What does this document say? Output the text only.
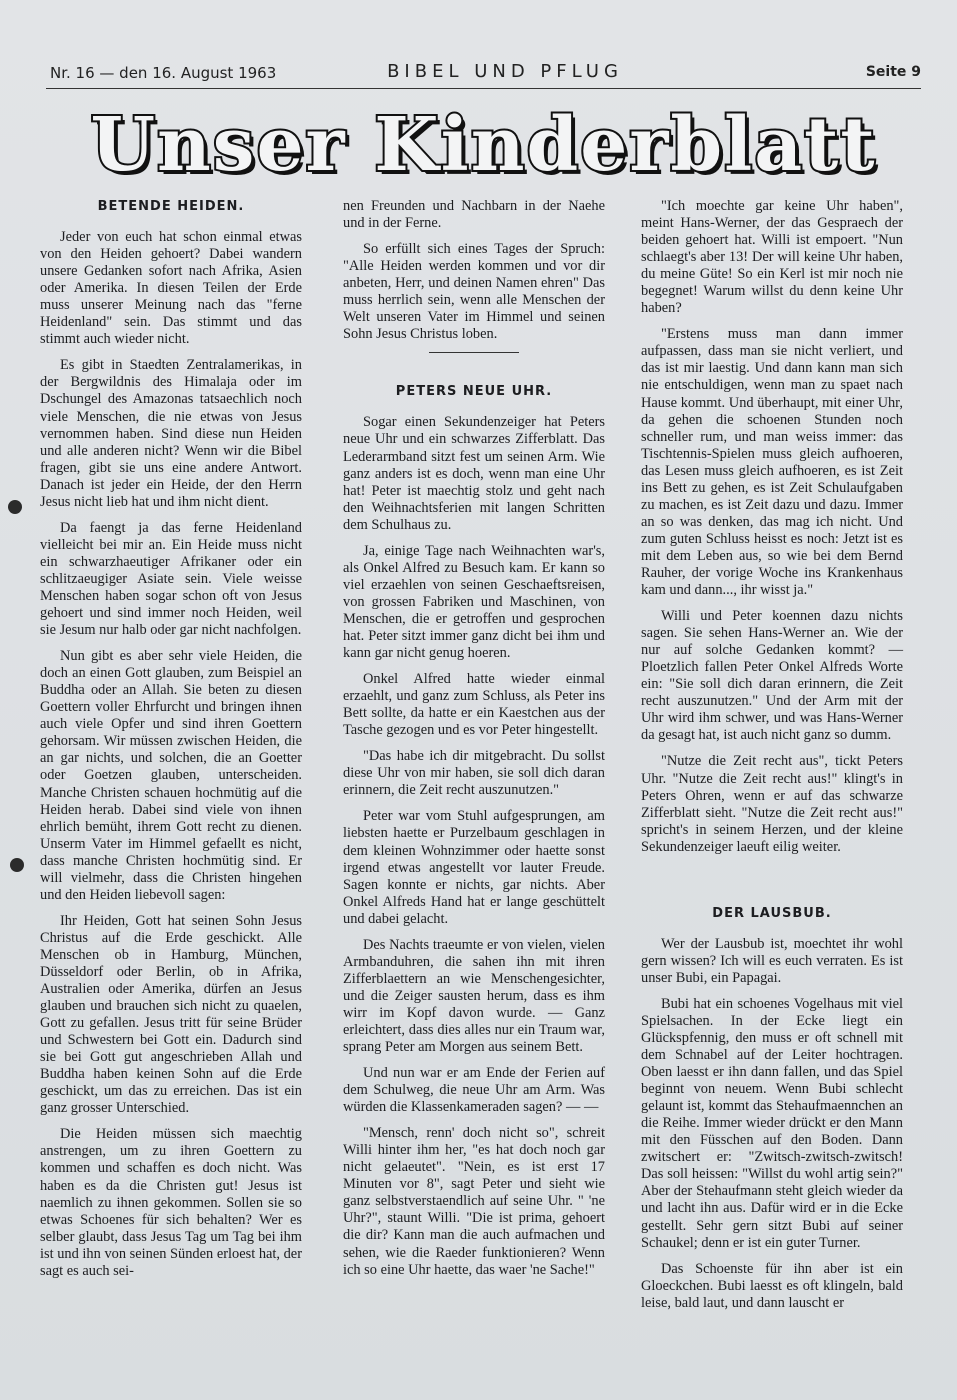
Nr. 16 — den 16. August 1963	BIBEL UND PFLUG	Seite 9
Unser Kinderblatt
BETENDE HEIDEN.

Jeder von euch hat schon einmal etwas von den Heiden gehoert? Dabei wandern unsere Gedanken sofort nach Afrika, Asien oder Amerika. In diesen Teilen der Erde muss unserer Meinung nach das "ferne Heidenland" sein. Das stimmt und das stimmt auch wieder nicht.

Es gibt in Staedten Zentralamerikas, in der Bergwildnis des Himalaja oder im Dschungel des Amazonas tatsaechlich noch viele Menschen, die nie etwas von Jesus vernommen haben. Sind diese nun Heiden und alle anderen nicht? Wenn wir die Bibel fragen, gibt sie uns eine andere Antwort. Danach ist jeder ein Heide, der den Herrn Jesus nicht lieb hat und ihm nicht dient.

Da faengt ja das ferne Heidenland vielleicht bei mir an. Ein Heide muss nicht ein schwarzhaeutiger Afrikaner oder ein schlitzaeugiger Asiate sein. Viele weisse Menschen haben sogar schon oft von Jesus gehoert und sind immer noch Heiden, weil sie Jesum nur halb oder gar nicht nachfolgen.

Nun gibt es aber sehr viele Heiden, die doch an einen Gott glauben, zum Beispiel an Buddha oder an Allah. Sie beten zu diesen Goettern voller Ehrfurcht und bringen ihnen auch viele Opfer und sind ihren Goettern gehorsam. Wir müssen zwischen Heiden, die an gar nichts, und solchen, die an Goetter oder Goetzen glauben, unterscheiden. Manche Christen schauen hochmütig auf die Heiden herab. Dabei sind viele von ihnen ehrlich bemüht, ihrem Gott recht zu dienen. Unserm Vater im Himmel gefaellt es nicht, dass manche Christen hochmütig sind. Er will vielmehr, dass die Christen hingehen und den Heiden liebevoll sagen:

Ihr Heiden, Gott hat seinen Sohn Jesus Christus auf die Erde geschickt. Alle Menschen ob in Hamburg, München, Düsseldorf oder Berlin, ob in Afrika, Australien oder Amerika, dürfen an Jesus glauben und brauchen sich nicht zu quaelen, Gott zu gefallen. Jesus tritt für seine Brüder und Schwestern bei Gott ein. Dadurch sind sie bei Gott gut angeschrieben Allah und Buddha haben keinen Sohn auf die Erde geschickt, um das zu erreichen. Das ist ein ganz grosser Unterschied.

Die Heiden müssen sich maechtig anstrengen, um zu ihren Goettern zu kommen und schaffen es doch nicht. Was haben es da die Christen gut! Jesus ist naemlich zu ihnen gekommen. Sollen sie so etwas Schoenes für sich behalten? Wer es selber glaubt, dass Jesus Tag um Tag bei ihm ist und ihn von seinen Sünden erloest hat, der sagt es auch sei-

nen Freunden und Nachbarn in der Naehe und in der Ferne.

So erfüllt sich eines Tages der Spruch: "Alle Heiden werden kommen und vor dir anbeten, Herr, und deinen Namen ehren" Das muss herrlich sein, wenn alle Menschen der Welt unseren Vater im Himmel und seinen Sohn Jesus Christus loben.

PETERS NEUE UHR.

Sogar einen Sekundenzeiger hat Peters neue Uhr und ein schwarzes Zifferblatt. Das Lederarmband sitzt fest um seinen Arm. Wie ganz anders ist es doch, wenn man eine Uhr hat! Peter ist maechtig stolz und geht nach den Weihnachtsferien mit langen Schritten dem Schulhaus zu.

Ja, einige Tage nach Weihnachten war's, als Onkel Alfred zu Besuch kam. Er kann so viel erzaehlen von seinen Geschaeftsreisen, von grossen Fabriken und Maschinen, von Menschen, die er getroffen und gesprochen hat. Peter sitzt immer ganz dicht bei ihm und kann gar nicht genug hoeren.

Onkel Alfred hatte wieder einmal erzaehlt, und ganz zum Schluss, als Peter ins Bett sollte, da hatte er ein Kaestchen aus der Tasche gezogen und es vor Peter hingestellt.

"Das habe ich dir mitgebracht. Du sollst diese Uhr von mir haben, sie soll dich daran erinnern, die Zeit recht auszunutzen."

Peter war vom Stuhl aufgesprungen, am liebsten haette er Purzelbaum geschlagen in dem kleinen Wohnzimmer oder haette sonst irgend etwas angestellt vor lauter Freude. Sagen konnte er nichts, gar nichts. Aber Onkel Alfreds Hand hat er lange geschüttelt und dabei gelacht.

Des Nachts traeumte er von vielen, vielen Armbanduhren, die sahen ihn mit ihren Zifferblaettern an wie Menschengesichter, und die Zeiger sausten herum, dass es ihm wirr im Kopf davon wurde. — Ganz erleichtert, dass dies alles nur ein Traum war, sprang Peter am Morgen aus seinem Bett.

Und nun war er am Ende der Ferien auf dem Schulweg, die neue Uhr am Arm. Was würden die Klassenkameraden sagen? — —

"Mensch, renn' doch nicht so", schreit Willi hinter ihm her, "es hat doch noch gar nicht gelaeutet". "Nein, es ist erst 17 Minuten vor 8", sagt Peter und sieht wie ganz selbstverstaendlich auf seine Uhr. " 'ne Uhr?", staunt Willi. "Die ist prima, gehoert die dir? Kann man die auch aufmachen und sehen, wie die Raeder funktionieren? Wenn ich so eine Uhr haette, das waer 'ne Sache!"

"Ich moechte gar keine Uhr haben", meint Hans-Werner, der das Gespraech der beiden gehoert hat. Willi ist empoert. "Nun schlaegt's aber 13! Der will keine Uhr haben, du meine Güte! So ein Kerl ist mir noch nie begegnet! Warum willst du denn keine Uhr haben?

"Erstens muss man dann immer aufpassen, dass man sie nicht verliert, und das ist mir laestig. Und dann kann man sich nie entschuldigen, wenn man zu spaet nach Hause kommt. Und überhaupt, mit einer Uhr, da gehen die schoenen Stunden noch schneller rum, und man weiss immer: das Tischtennis-Spielen muss gleich aufhoeren, das Lesen muss gleich aufhoeren, es ist Zeit ins Bett zu gehen, es ist Zeit Schulaufgaben zu machen, es ist Zeit dazu und dazu. Immer an so was denken, das mag ich nicht. Und zum guten Schluss heisst es noch: Jetzt ist es mit dem Leben aus, so wie bei dem Bernd Rauher, der vorige Woche ins Krankenhaus kam und dann..., ihr wisst ja."

Willi und Peter koennen dazu nichts sagen. Sie sehen Hans-Werner an. Wie der nur auf solche Gedanken kommt? — Ploetzlich fallen Peter Onkel Alfreds Worte ein: "Sie soll dich daran erinnern, die Zeit recht auszunutzen." Und der Arm mit der Uhr wird ihm schwer, und was Hans-Werner da gesagt hat, ist auch nicht ganz so dumm.

"Nutze die Zeit recht aus", tickt Peters Uhr. "Nutze die Zeit recht aus!" klingt's in Peters Ohren, wenn er auf das schwarze Zifferblatt sieht. "Nutze die Zeit recht aus!" spricht's in seinem Herzen, und der kleine Sekundenzeiger laeuft eilig weiter.

DER LAUSBUB.

Wer der Lausbub ist, moechtet ihr wohl gern wissen? Ich will es euch verraten. Es ist unser Bubi, ein Papagai.

Bubi hat ein schoenes Vogelhaus mit viel Spielsachen. In der Ecke liegt ein Glückspfennig, den muss er oft schnell mit dem Schnabel auf der Leiter hochtragen. Oben laesst er ihn dann fallen, und das Spiel beginnt von neuem. Wenn Bubi schlecht gelaunt ist, kommt das Stehaufmaennchen an die Reihe. Immer wieder drückt er den Mann mit den Füsschen auf den Boden. Dann zwitschert er: "Zwitsch-zwitsch-zwitsch! Das soll heissen: "Willst du wohl artig sein?" Aber der Stehaufmann steht gleich wieder da und lacht ihn aus. Dafür wird er in die Ecke gestellt. Sehr gern sitzt Bubi auf seiner Schaukel; denn er ist ein guter Turner.

Das Schoenste für ihn aber ist ein Gloeckchen. Bubi laesst es oft klingeln, bald leise, bald laut, und dann lauscht er
